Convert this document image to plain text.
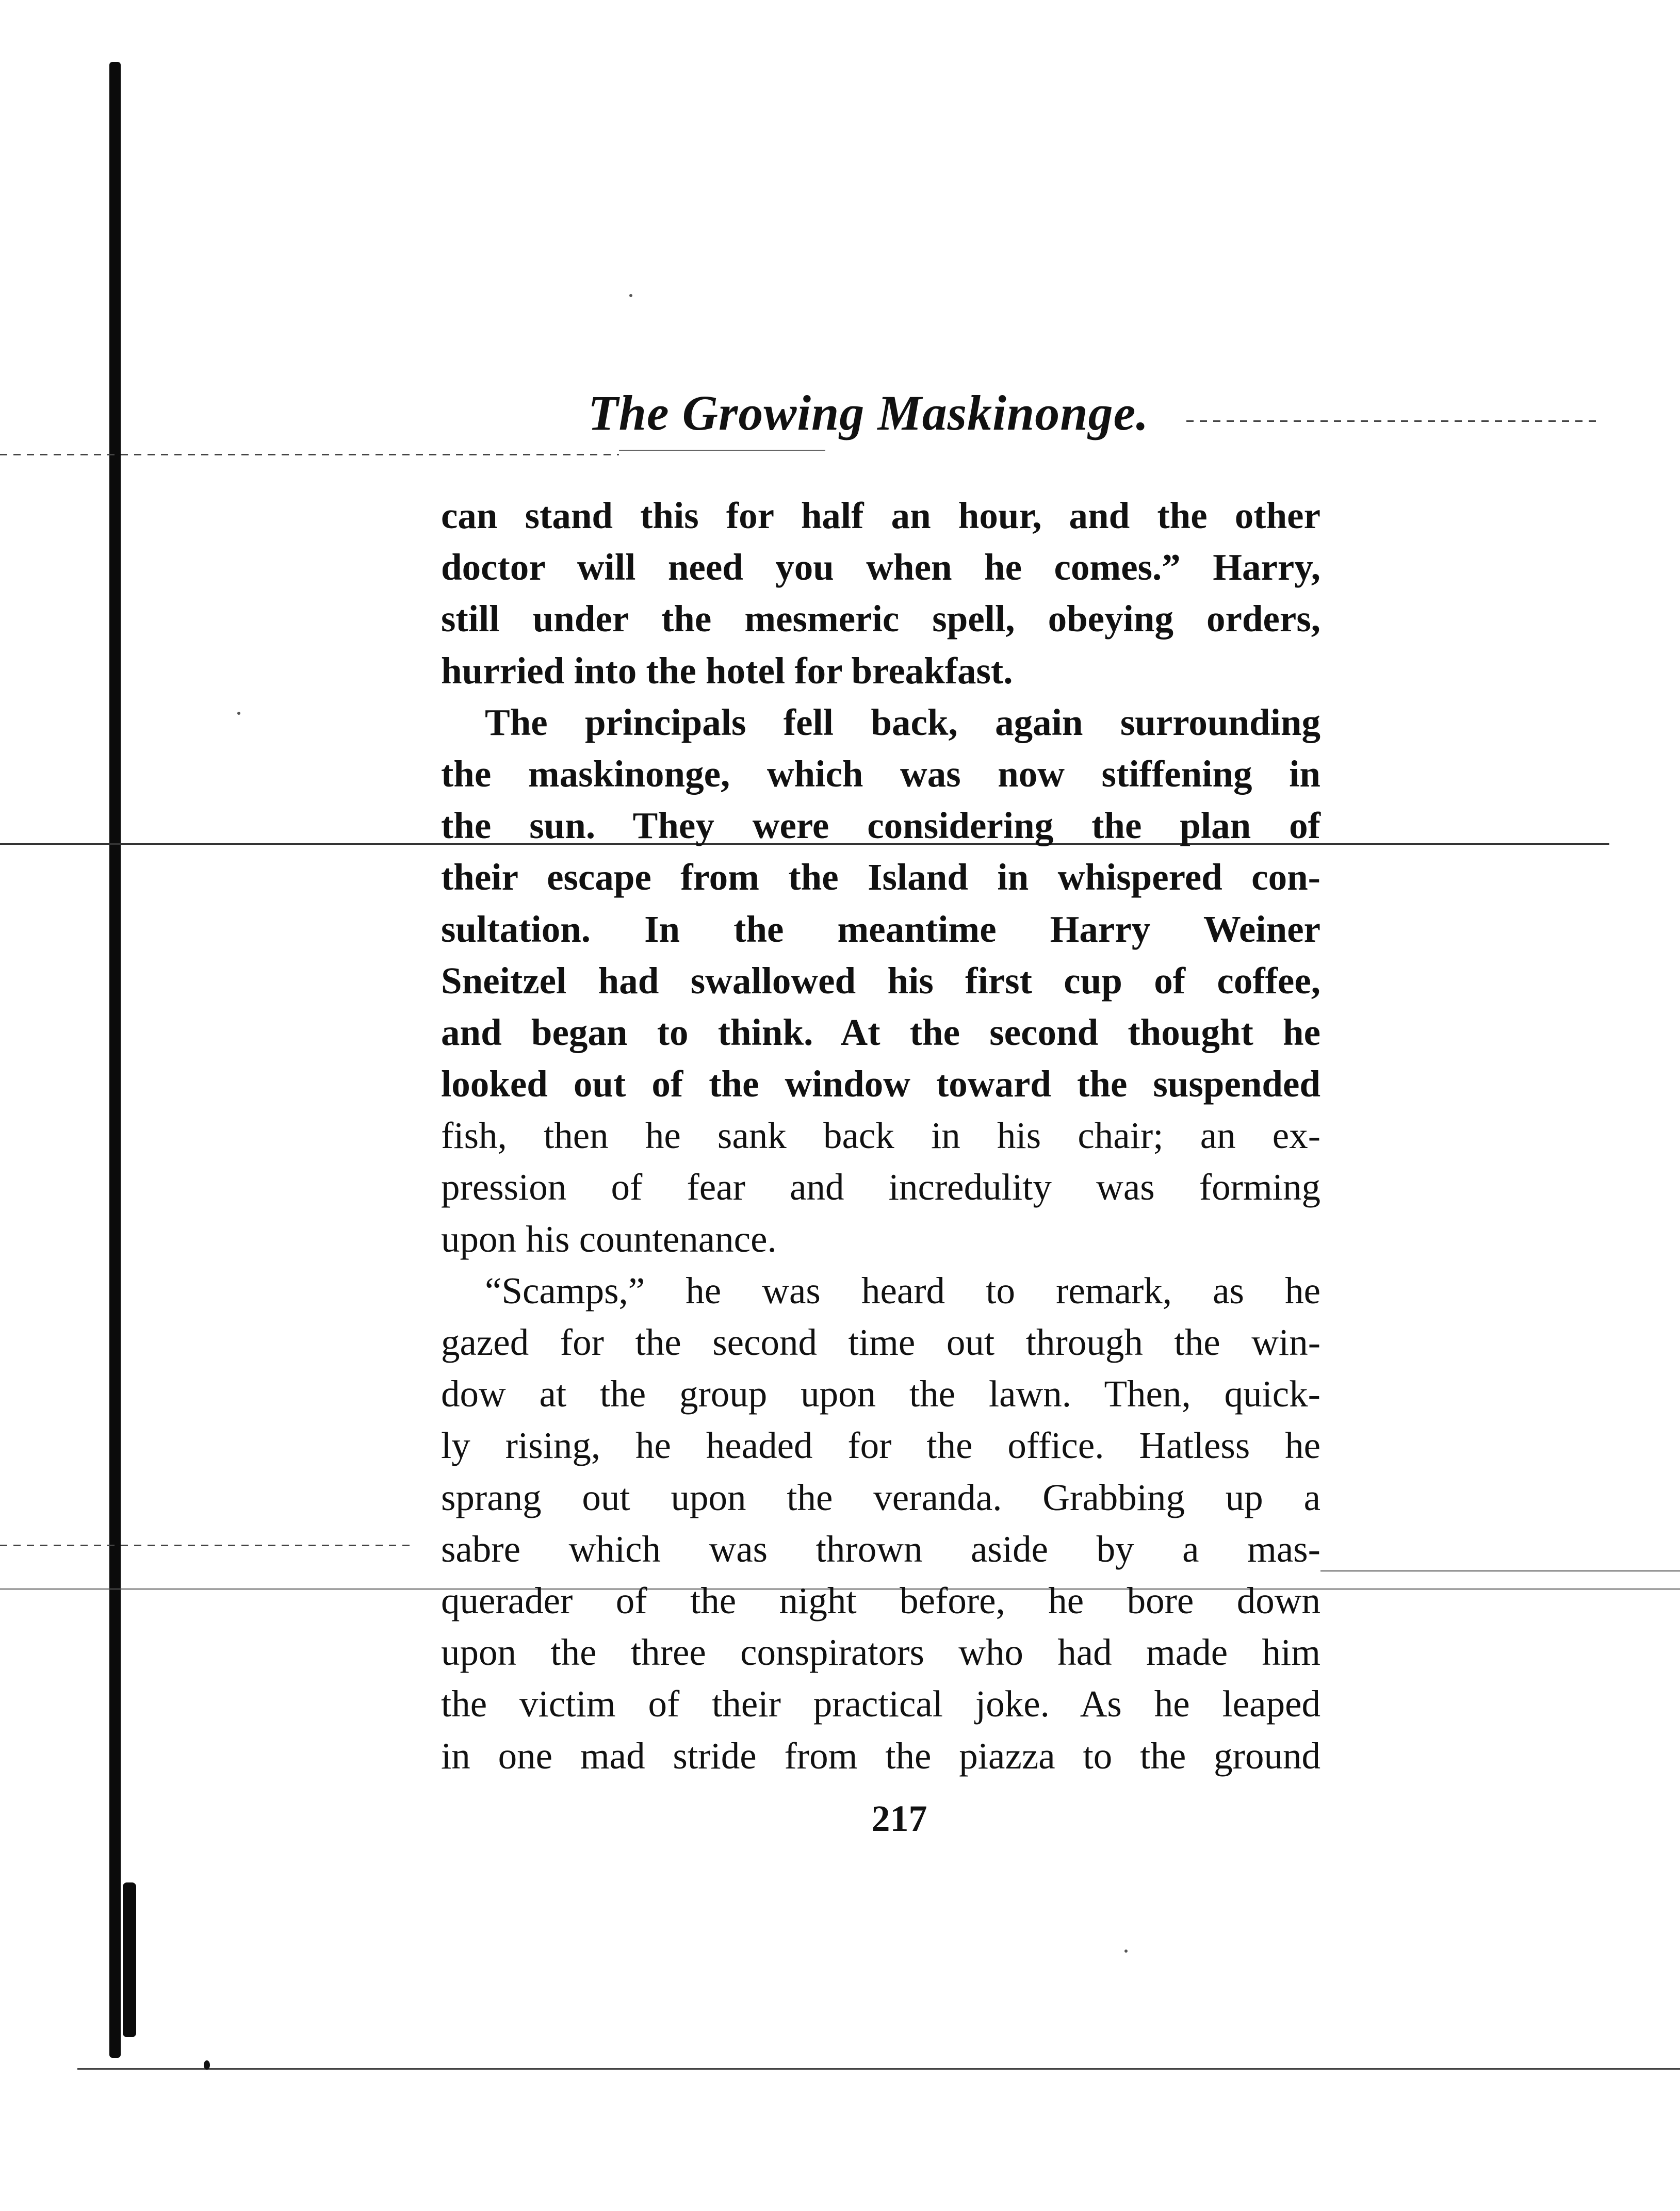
The Growing Maskinonge.
can stand this for half an hour, and the other
doctor will need you when he comes.” Harry,
still under the mesmeric spell, obeying orders,
hurried into the hotel for breakfast.
The principals fell back, again surrounding
the maskinonge, which was now stiffening in
the sun. They were considering the plan of
their escape from the Island in whispered con-
sultation. In the meantime Harry Weiner
Sneitzel had swallowed his first cup of coffee,
and began to think. At the second thought he
looked out of the window toward the suspended
fish, then he sank back in his chair; an ex-
pression of fear and incredulity was forming
upon his countenance.
“Scamps,” he was heard to remark, as he
gazed for the second time out through the win-
dow at the group upon the lawn. Then, quick-
ly rising, he headed for the office. Hatless he
sprang out upon the veranda. Grabbing up a
sabre which was thrown aside by a mas-
querader of the night before, he bore down
upon the three conspirators who had made him
the victim of their practical joke. As he leaped
in one mad stride from the piazza to the ground
217
